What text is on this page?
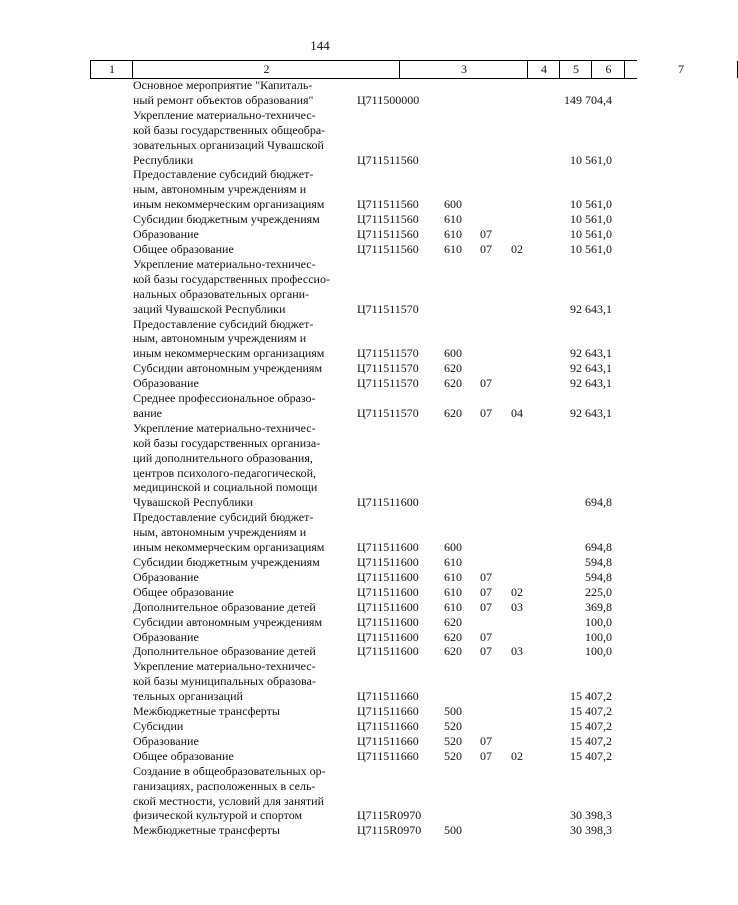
144
1	2	3	4	5	6	7
Основное мероприятие "Капиталь-
ный ремонт объектов образования"	Ц711500000	149 704,4
Укрепление материально-техничес-
кой базы государственных общеобра-
зовательных организаций Чувашской
Республики	Ц711511560	10 561,0
Предоставление субсидий бюджет-
ным, автономным учреждениям и
иным некоммерческим организациям	Ц711511560 600	10 561,0
Субсидии бюджетным учреждениям	Ц711511560 610	10 561,0
Образование	Ц711511560 610 07	10 561,0
Общее образование	Ц711511560 610 07 02	10 561,0
Укрепление материально-техничес-
кой базы государственных профессио-
нальных образовательных органи-
заций Чувашской Республики	Ц711511570	92 643,1
Предоставление субсидий бюджет-
ным, автономным учреждениям и
иным некоммерческим организациям	Ц711511570 600	92 643,1
Субсидии автономным учреждениям	Ц711511570 620	92 643,1
Образование	Ц711511570 620 07	92 643,1
Среднее профессиональное образо-
вание	Ц711511570 620 07 04	92 643,1
Укрепление материально-техничес-
кой базы государственных организа-
ций дополнительного образования,
центров психолого-педагогической,
медицинской и социальной помощи
Чувашской Республики	Ц711511600	694,8
Предоставление субсидий бюджет-
ным, автономным учреждениям и
иным некоммерческим организациям	Ц711511600 600	694,8
Субсидии бюджетным учреждениям	Ц711511600 610	594,8
Образование	Ц711511600 610 07	594,8
Общее образование	Ц711511600 610 07 02	225,0
Дополнительное образование детей	Ц711511600 610 07 03	369,8
Субсидии автономным учреждениям	Ц711511600 620	100,0
Образование	Ц711511600 620 07	100,0
Дополнительное образование детей	Ц711511600 620 07 03	100,0
Укрепление материально-техничес-
кой базы муниципальных образова-
тельных организаций	Ц711511660	15 407,2
Межбюджетные трансферты	Ц711511660 500	15 407,2
Субсидии	Ц711511660 520	15 407,2
Образование	Ц711511660 520 07	15 407,2
Общее образование	Ц711511660 520 07 02	15 407,2
Создание в общеобразовательных ор-
ганизациях, расположенных в сель-
ской местности, условий для занятий
физической культурой и спортом	Ц7115R0970	30 398,3
Межбюджетные трансферты	Ц7115R0970 500	30 398,3
